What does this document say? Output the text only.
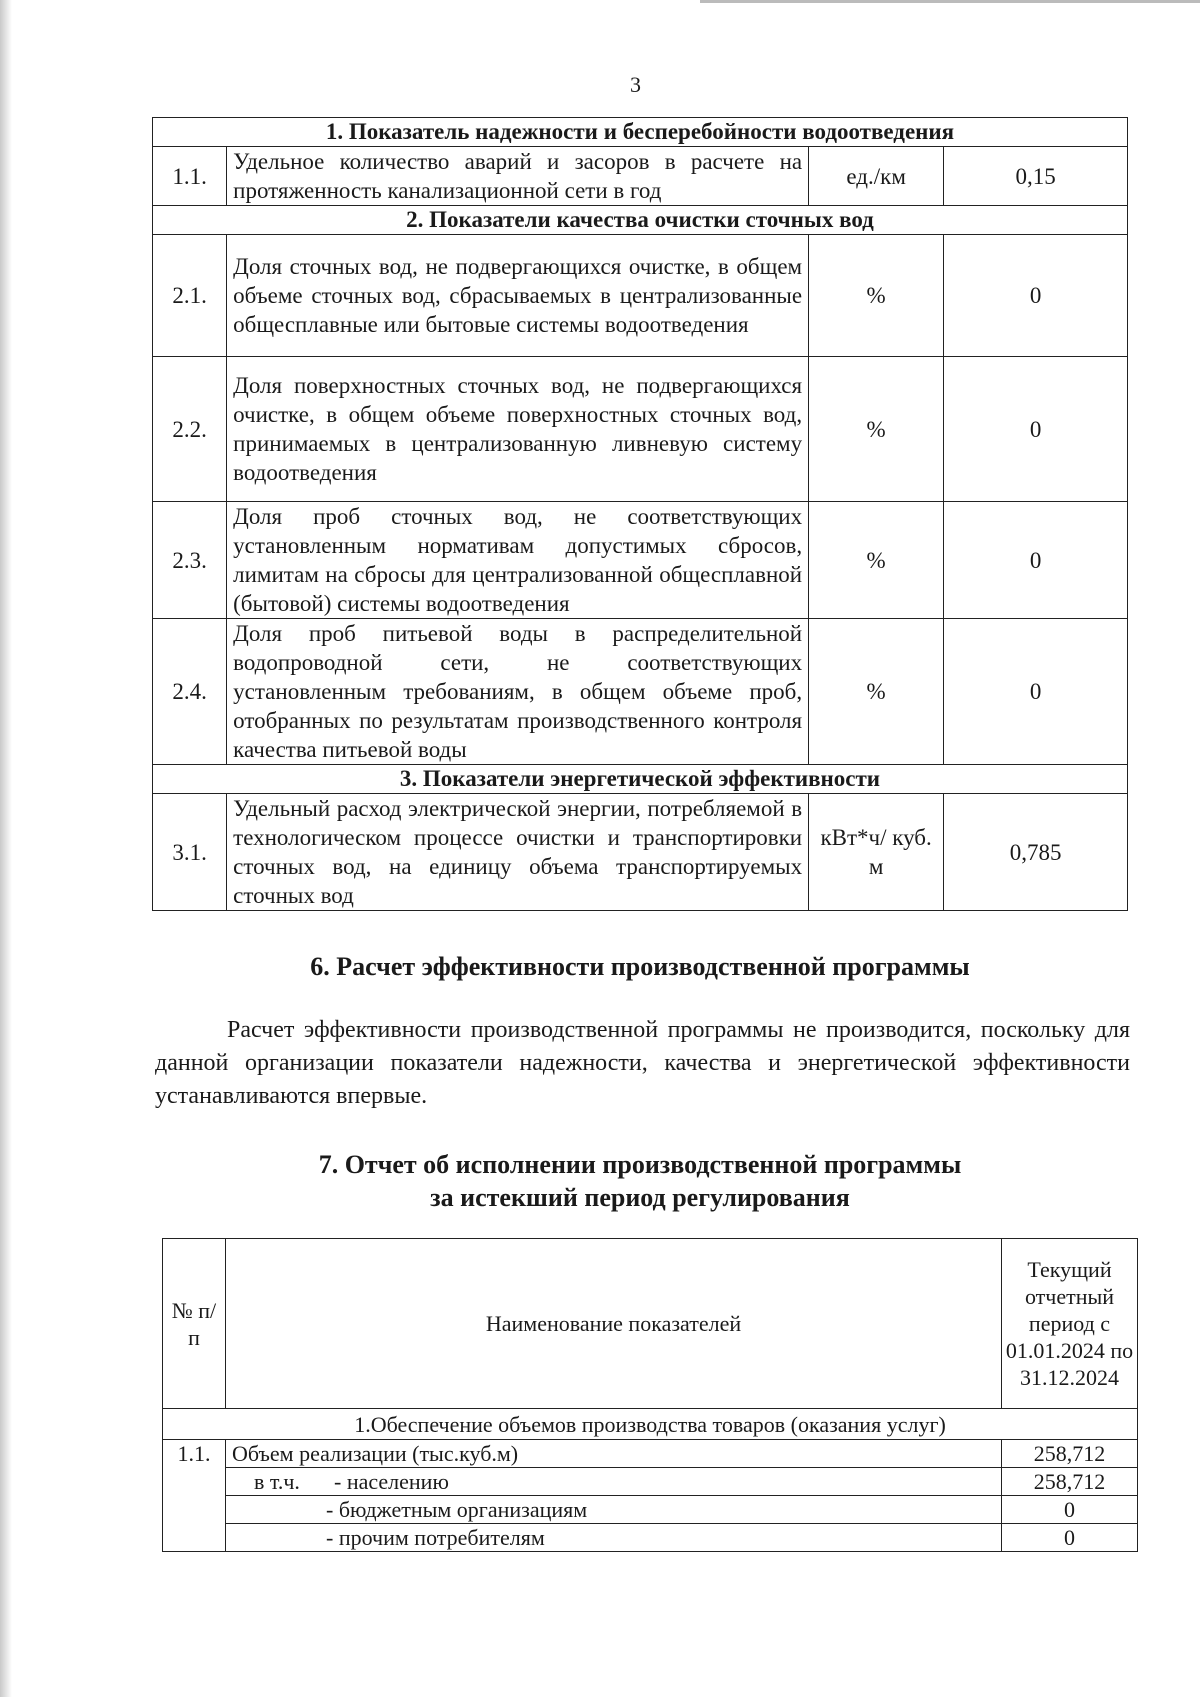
3
1. Показатель надежности и бесперебойности водоотведения			
1.1.	Удельное количество аварий и засоров в расчете на протяженность канализационной сети в год	ед./км	0,15
2. Показатели качества очистки сточных вод			
2.1.	Доля сточных вод, не подвергающихся очистке, в общем объеме сточных вод, сбрасываемых в централизованные общесплавные или бытовые системы водоотведения	%	0
2.2.	Доля поверхностных сточных вод, не подвергающихся очистке, в общем объеме поверхностных сточных вод, принимаемых в централизованную ливневую систему водоотведения	%	0
2.3.	Доля проб сточных вод, не соответствующих установленным нормативам допустимых сбросов, лимитам на сбросы для централизованной общесплавной (бытовой) системы водоотведения	%	0
2.4.	Доля проб питьевой воды в распределительной водопроводной сети, не соответствующих установленным требованиям, в общем объеме проб, отобранных по результатам производственного контроля качества питьевой воды	%	0
3. Показатели энергетической эффективности			
3.1.	Удельный расход электрической энергии, потребляемой в технологическом процессе очистки и транспортировки сточных вод, на единицу объема транспортируемых сточных вод	кВт*ч/ куб. м	0,785
6. Расчет эффективности производственной программы
Расчет эффективности производственной программы не производится, поскольку для данной организации показатели надежности, качества и энергетической эффективности устанавливаются впервые.
7. Отчет об исполнении производственной программы
за истекший период регулирования
№ п/п	Наименование показателей	Текущий отчетный период с 01.01.2024 по 31.12.2024
1.Обеспечение объемов производства товаров (оказания услуг)		
1.1.	Объем реализации (тыс.куб.м)	258,712
	в т.ч. - населению	258,712
	- бюджетным организациям	0
	- прочим потребителям	0
